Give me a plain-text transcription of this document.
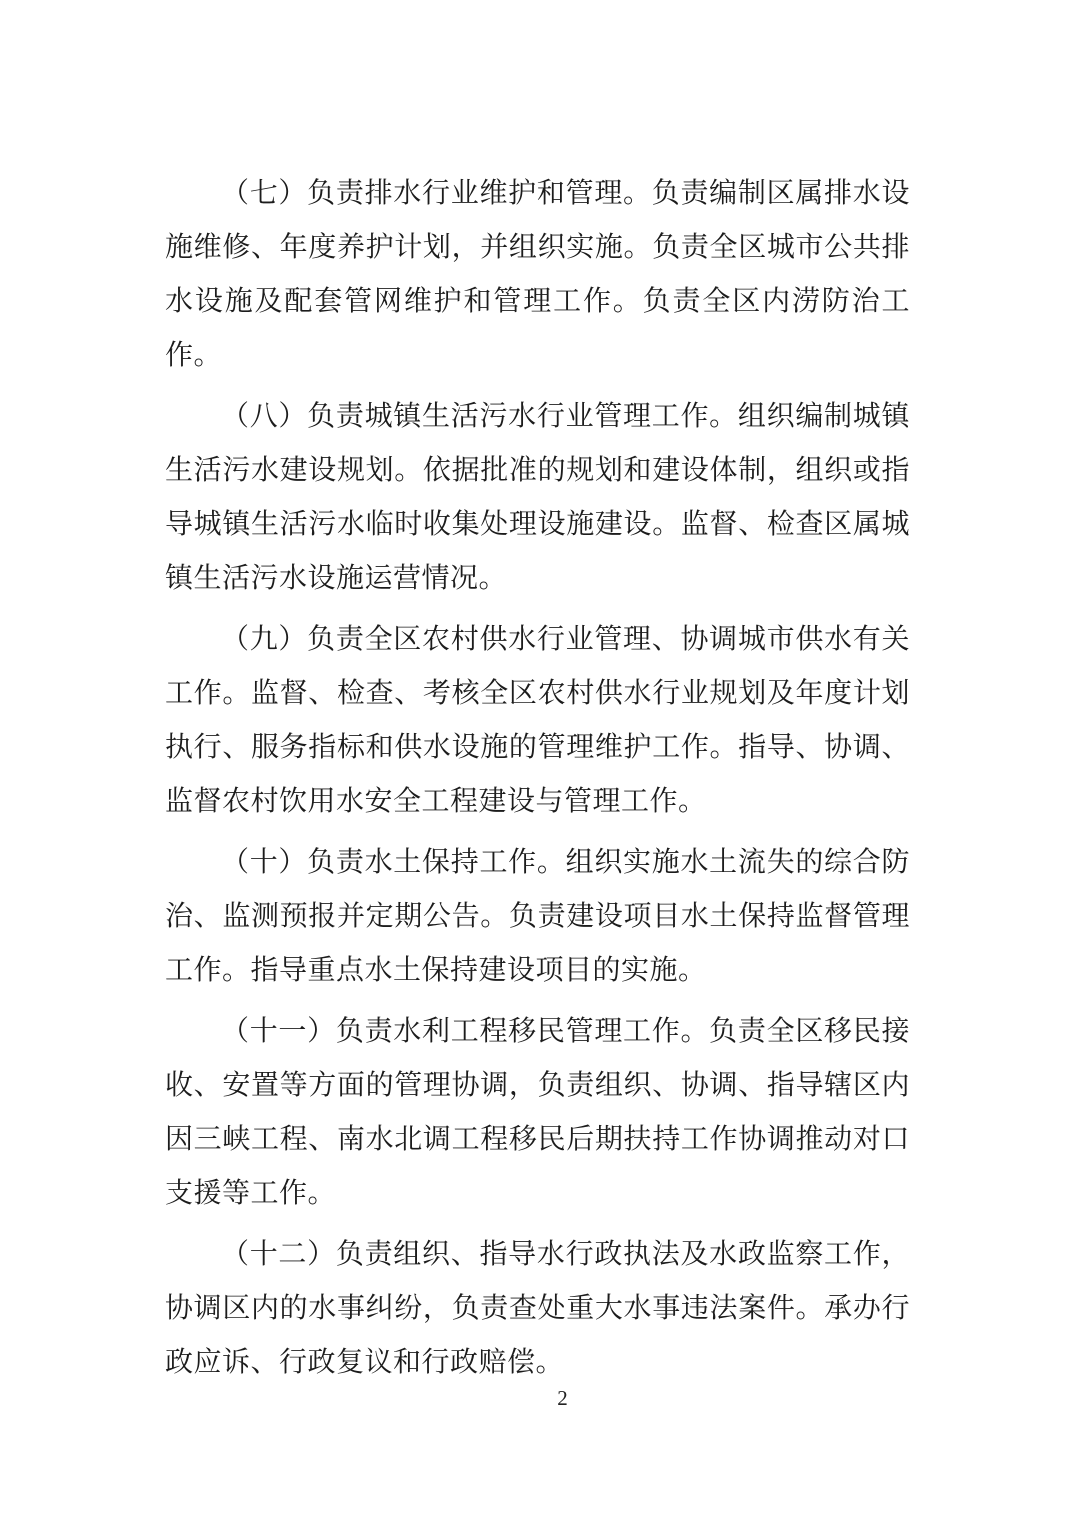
（七）负责排水行业维护和管理。负责编制区属排水设施维修、年度养护计划，并组织实施。负责全区城市公共排水设施及配套管网维护和管理工作。负责全区内涝防治工作。

（八）负责城镇生活污水行业管理工作。组织编制城镇生活污水建设规划。依据批准的规划和建设体制，组织或指导城镇生活污水临时收集处理设施建设。监督、检查区属城镇生活污水设施运营情况。

（九）负责全区农村供水行业管理、协调城市供水有关工作。监督、检查、考核全区农村供水行业规划及年度计划执行、服务指标和供水设施的管理维护工作。指导、协调、监督农村饮用水安全工程建设与管理工作。

（十）负责水土保持工作。组织实施水土流失的综合防治、监测预报并定期公告。负责建设项目水土保持监督管理工作。指导重点水土保持建设项目的实施。

（十一）负责水利工程移民管理工作。负责全区移民接收、安置等方面的管理协调，负责组织、协调、指导辖区内因三峡工程、南水北调工程移民后期扶持工作协调推动对口支援等工作。

（十二）负责组织、指导水行政执法及水政监察工作，协调区内的水事纠纷，负责查处重大水事违法案件。承办行政应诉、行政复议和行政赔偿。

2
